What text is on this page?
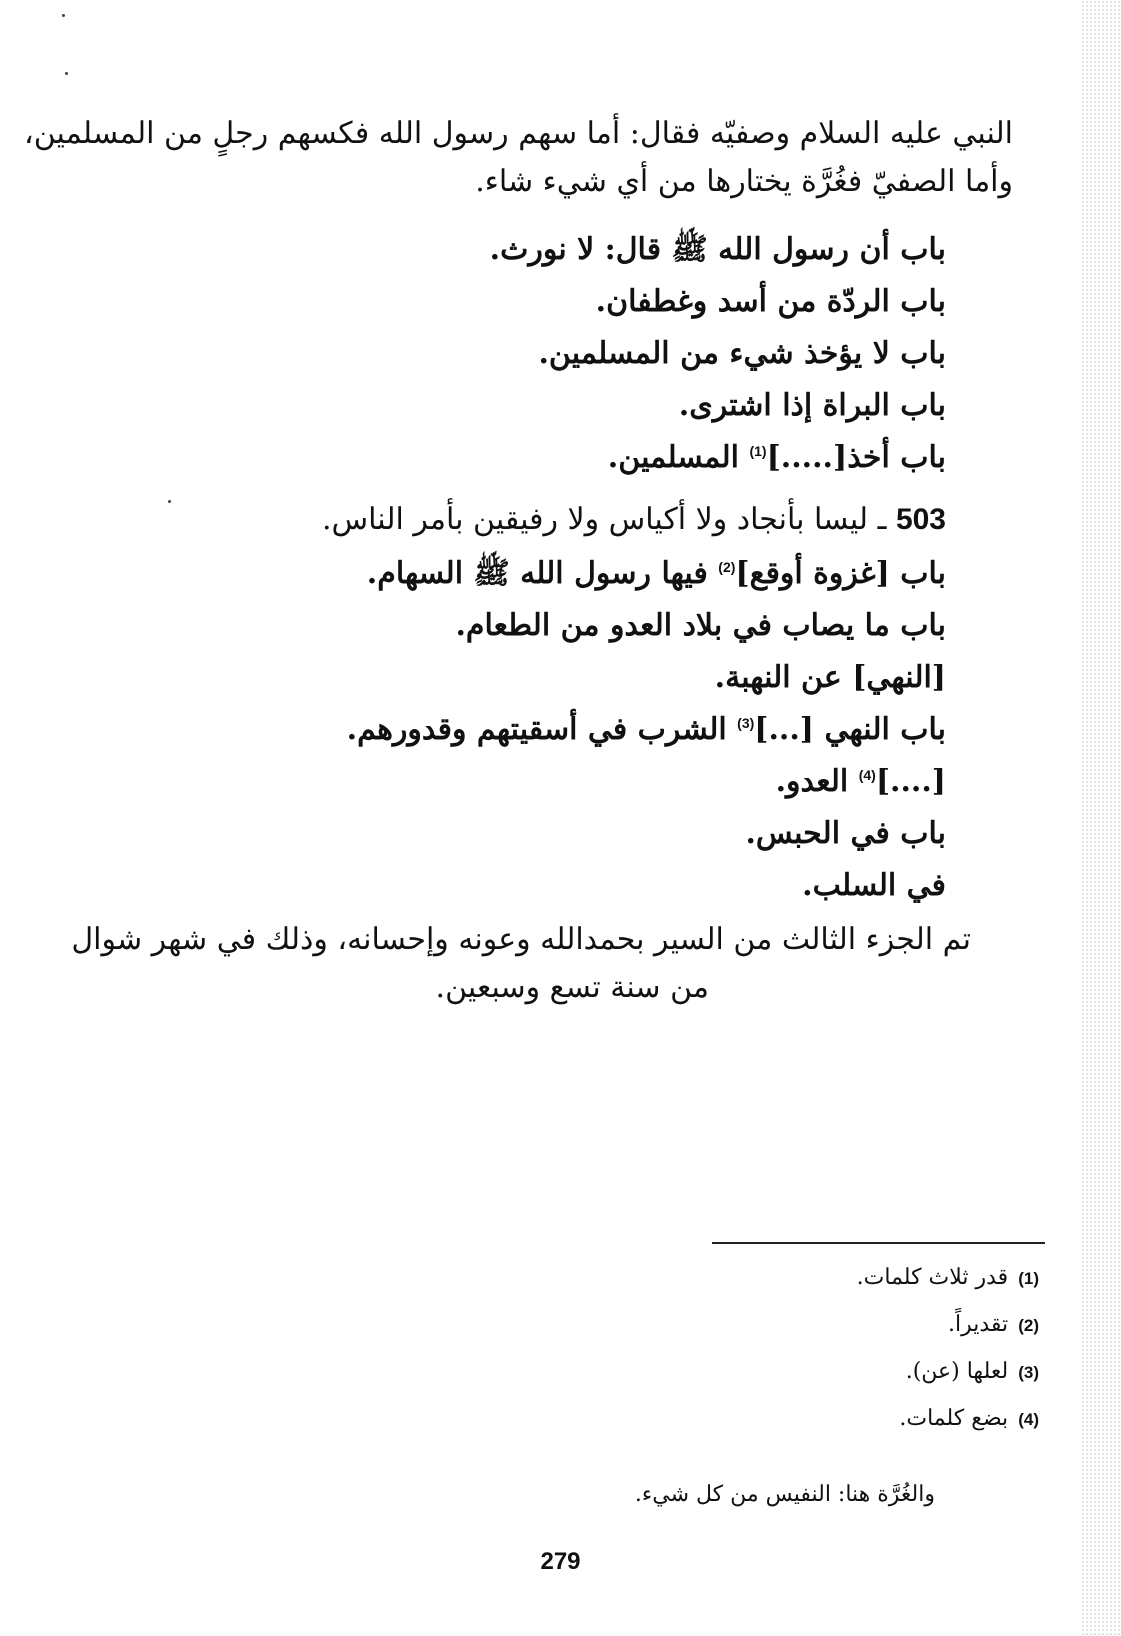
النبي عليه السلام وصفيّه فقال: أما سهم رسول الله فكسهم رجلٍ من المسلمين،
وأما الصفيّ فغُرَّة يختارها من أي شيء شاء.
باب أن رسول الله ﷺ قال: لا نورث.
باب الردّة من أسد وغطفان.
باب لا يؤخذ شيء من المسلمين.
باب البراة إذا اشترى.
باب أخذ[.....]$^{(1)}$ المسلمين.
503 ـ ليسا بأنجاد ولا أكياس ولا رفيقين بأمر الناس.
باب [غزوة أوقع]$^{(2)}$ فيها رسول الله ﷺ السهام.
باب ما يصاب في بلاد العدو من الطعام.
[النهي] عن النهبة.
باب النهي [...]$^{(3)}$ الشرب في أسقيتهم وقدورهم.
[....]$^{(4)}$ العدو.
باب في الحبس.
في السلب.
تم الجزء الثالث من السير بحمدالله وعونه وإحسانه، وذلك في شهر شوال
من سنة تسع وسبعين.
(1)قدر ثلاث كلمات.
(2)تقديراً.
(3)لعلها (عن).
(4)بضع كلمات.
والغُرَّة هنا: النفيس من كل شيء.
279
